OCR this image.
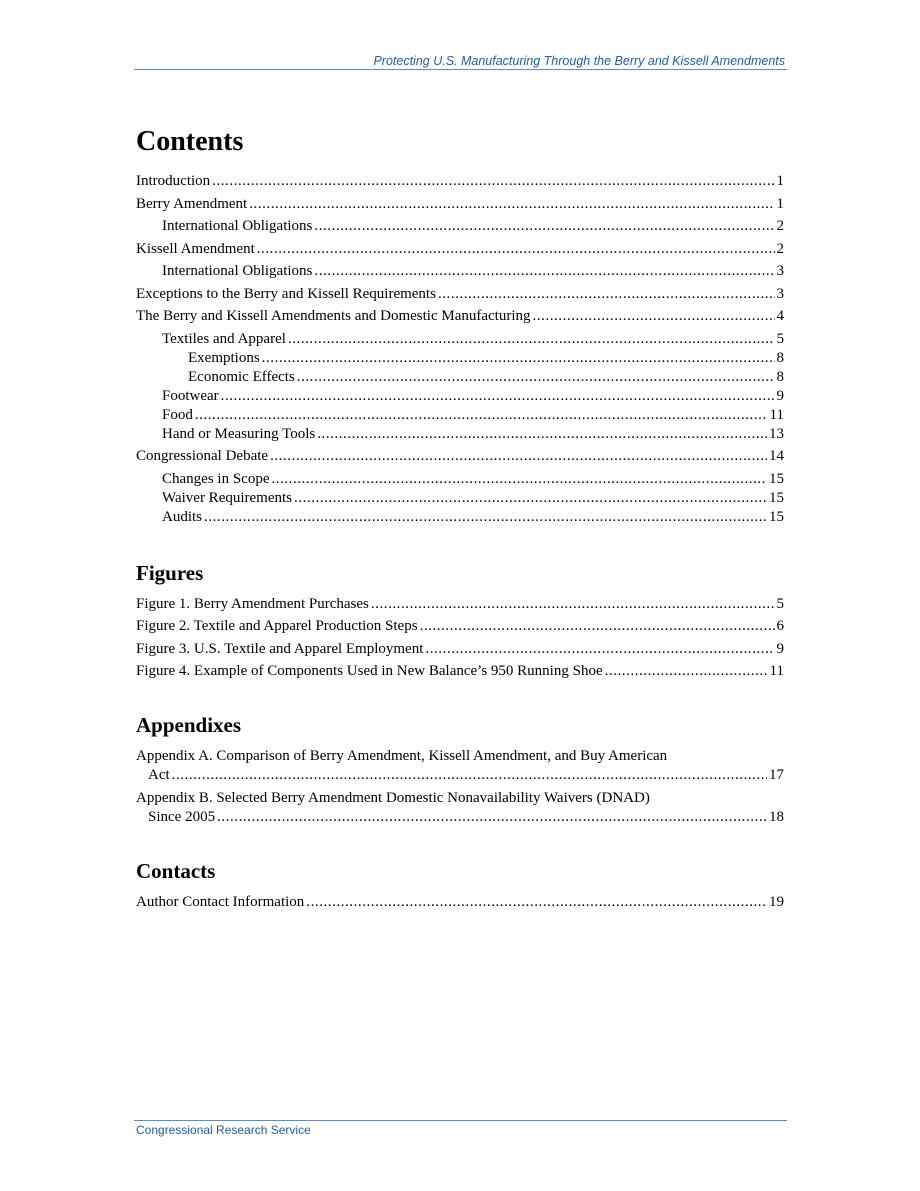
Protecting U.S. Manufacturing Through the Berry and Kissell Amendments
Contents
Introduction . . .	1
Berry Amendment . . .	1
International Obligations . . .	2
Kissell Amendment . . .	2
International Obligations . . .	3
Exceptions to the Berry and Kissell Requirements . . .	3
The Berry and Kissell Amendments and Domestic Manufacturing . . .	4
Textiles and Apparel . . .	5
Exemptions . . .	8
Economic Effects . . .	8
Footwear . . .	9
Food . . .	11
Hand or Measuring Tools . . .	13
Congressional Debate . . .	14
Changes in Scope . . .	15
Waiver Requirements . . .	15
Audits . . .	15
Figures
Figure 1. Berry Amendment Purchases . . .	5
Figure 2. Textile and Apparel Production Steps . . .	6
Figure 3. U.S. Textile and Apparel Employment . . .	9
Figure 4. Example of Components Used in New Balance’s 950 Running Shoe . . .	11
Appendixes
Appendix A. Comparison of Berry Amendment, Kissell Amendment, and Buy American
Act . . .	17
Appendix B. Selected Berry Amendment Domestic Nonavailability Waivers (DNAD)
Since 2005 . . .	18
Contacts
Author Contact Information . . .	19
Congressional Research Service
